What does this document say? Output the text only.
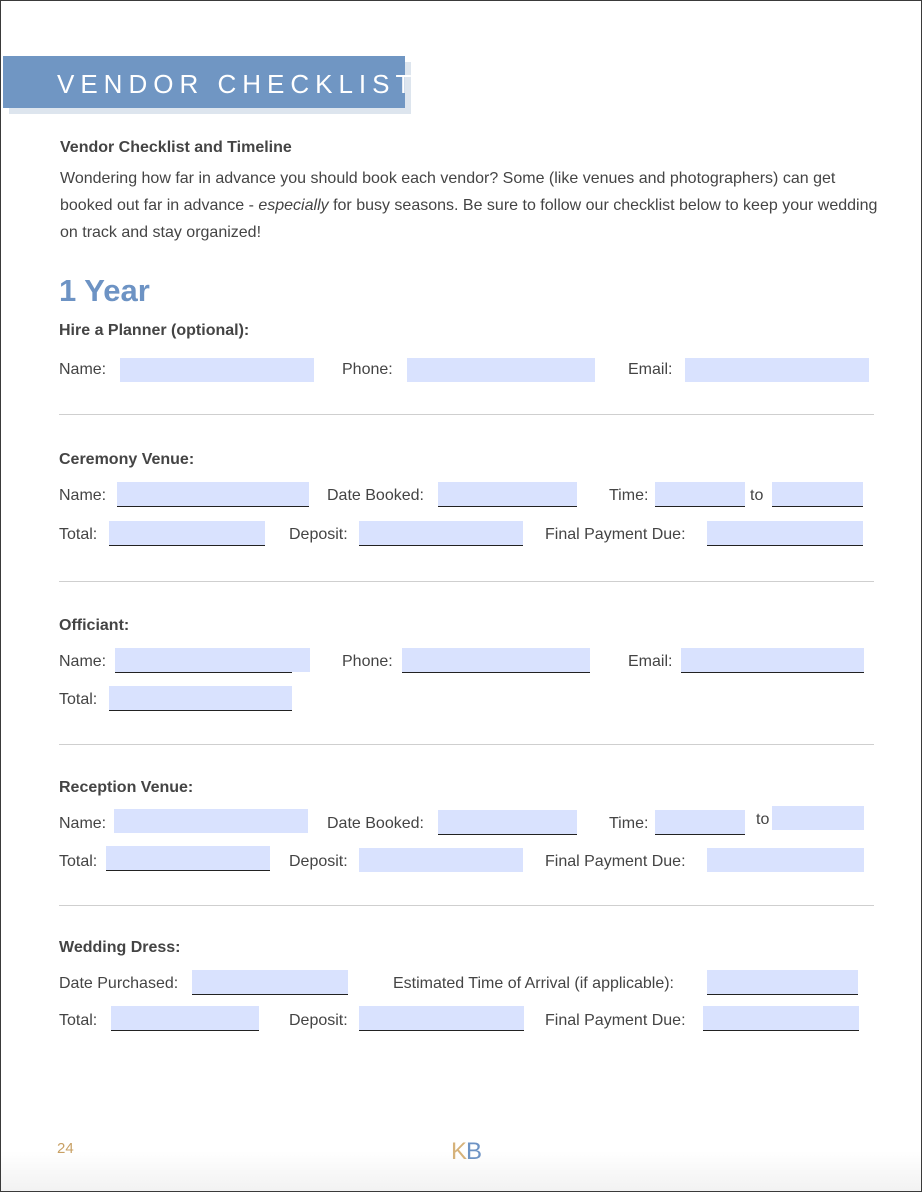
VENDOR CHECKLIST
Vendor Checklist and Timeline
Wondering how far in advance you should book each vendor? Some (like venues and photographers) can get booked out far in advance - especially for busy seasons. Be sure to follow our checklist below to keep your wedding on track and stay organized!
1 Year
Hire a Planner (optional):
Name:	Phone:	Email:
Ceremony Venue:
Name:	Date Booked:	Time:	to
Total:	Deposit:	Final Payment Due:
Officiant:
Name:	Phone:	Email:
Total:
Reception Venue:
Name:	Date Booked:	Time:	to
Total:	Deposit:	Final Payment Due:
Wedding Dress:
Date Purchased:	Estimated Time of Arrival (if applicable):
Total:	Deposit:	Final Payment Due:
24	KB
